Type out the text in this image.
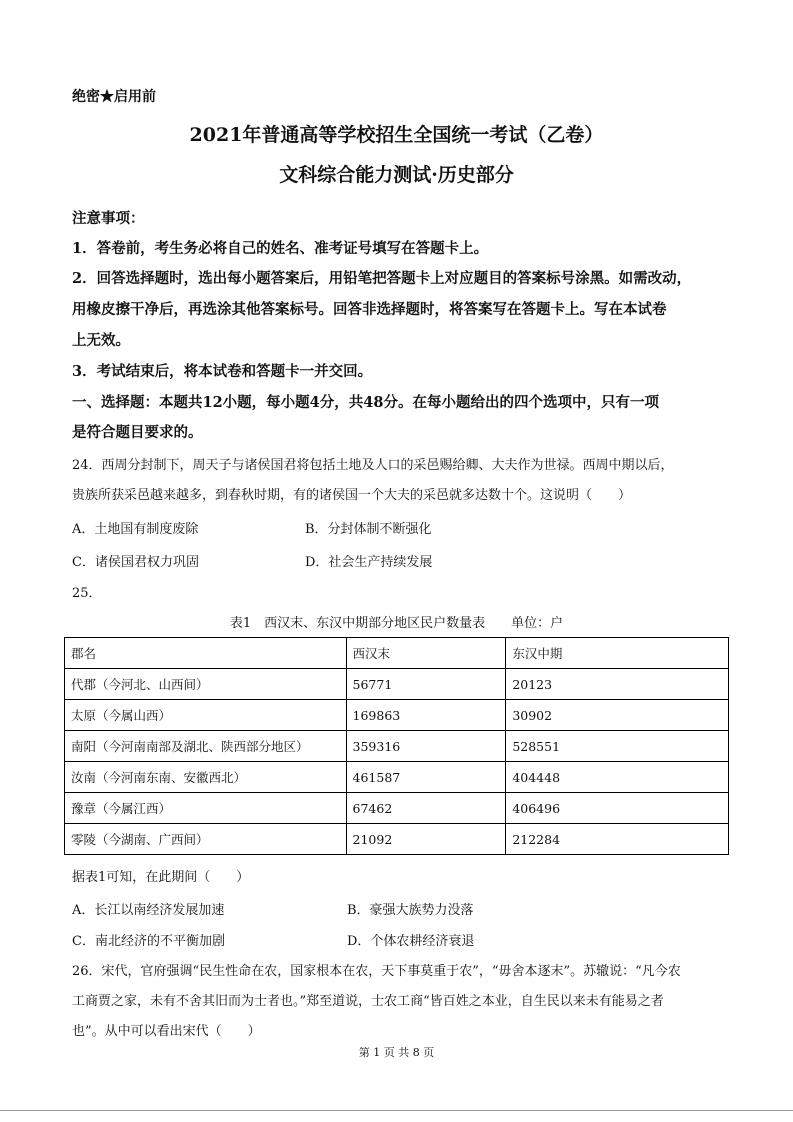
绝密★启用前
2021年普通高等学校招生全国统一考试（乙卷）
文科综合能力测试·历史部分
注意事项：
1．答卷前，考生务必将自己的姓名、准考证号填写在答题卡上。
2．回答选择题时，选出每小题答案后，用铅笔把答题卡上对应题目的答案标号涂黑。如需改动，
用橡皮擦干净后，再选涂其他答案标号。回答非选择题时，将答案写在答题卡上。写在本试卷
上无效。
3．考试结束后，将本试卷和答题卡一并交回。
一、选择题：本题共12小题，每小题4分，共48分。在每小题给出的四个选项中，只有一项
是符合题目要求的。
24．西周分封制下，周天子与诸侯国君将包括土地及人口的采邑赐给卿、大夫作为世禄。西周中期以后，
贵族所获采邑越来越多，到春秋时期，有的诸侯国一个大夫的采邑就多达数十个。这说明（　　）
A．土地国有制度废除	B．分封体制不断强化
C．诸侯国君权力巩固	D．社会生产持续发展
25．
表1　西汉末、东汉中期部分地区民户数量表　　单位：户
郡名	西汉末	东汉中期
代郡（今河北、山西间）	56771	20123
太原（今属山西）	169863	30902
南阳（今河南南部及湖北、陕西部分地区）	359316	528551
汝南（今河南东南、安徽西北）	461587	404448
豫章（今属江西）	67462	406496
零陵（今湖南、广西间）	21092	212284
据表1可知，在此期间（　　）
A．长江以南经济发展加速	B．豪强大族势力没落
C．南北经济的不平衡加剧	D．个体农耕经济衰退
26．宋代，官府强调“民生性命在农，国家根本在农，天下事莫重于农”，“毋舍本逐末”。苏辙说：“凡今农
工商贾之家，未有不舍其旧而为士者也。”郑至道说，士农工商“皆百姓之本业，自生民以来未有能易之者
也”。从中可以看出宋代（　　）
第 1 页 共 8 页
